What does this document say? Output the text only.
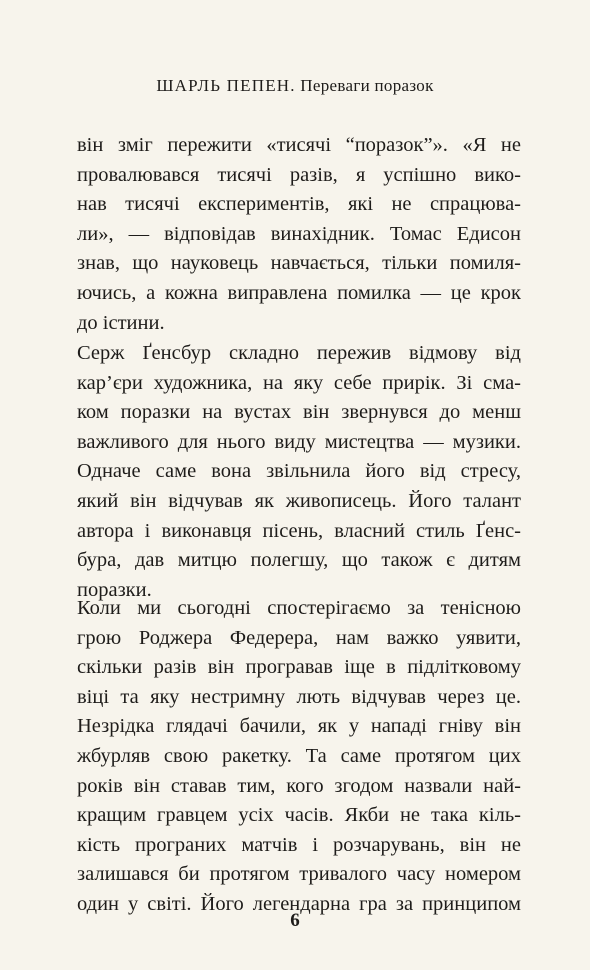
ШАРЛЬ ПЕПЕН. Переваги поразок
він зміг пережити «тисячі “поразок”». «Я не
провалювався тисячі разів, я успішно вико-
нав тисячі експериментів, які не спрацюва-
ли», — відповідав винахідник. Томас Едисон
знав, що науковець навчається, тільки помиля-
ючись, а кожна виправлена помилка — це крок
до істини.
Серж Ґенсбур складно пережив відмову від
кар’єри художника, на яку себе прирік. Зі сма-
ком поразки на вустах він звернувся до менш
важливого для нього виду мистецтва — музики.
Одначе саме вона звільнила його від стресу,
який він відчував як живописець. Його талант
автора і виконавця пісень, власний стиль Ґенс-
бура, дав митцю полегшу, що також є дитям
поразки.
Коли ми сьогодні спостерігаємо за тенісною
грою Роджера Федерера, нам важко уявити,
скільки разів він програвав іще в підлітковому
віці та яку нестримну лють відчував через це.
Незрідка глядачі бачили, як у нападі гніву він
жбурляв свою ракетку. Та саме протягом цих
років він ставав тим, кого згодом назвали най-
кращим гравцем усіх часів. Якби не така кіль-
кість програних матчів і розчарувань, він не
залишався би протягом тривалого часу номером
один у світі. Його легендарна гра за принципом
6
